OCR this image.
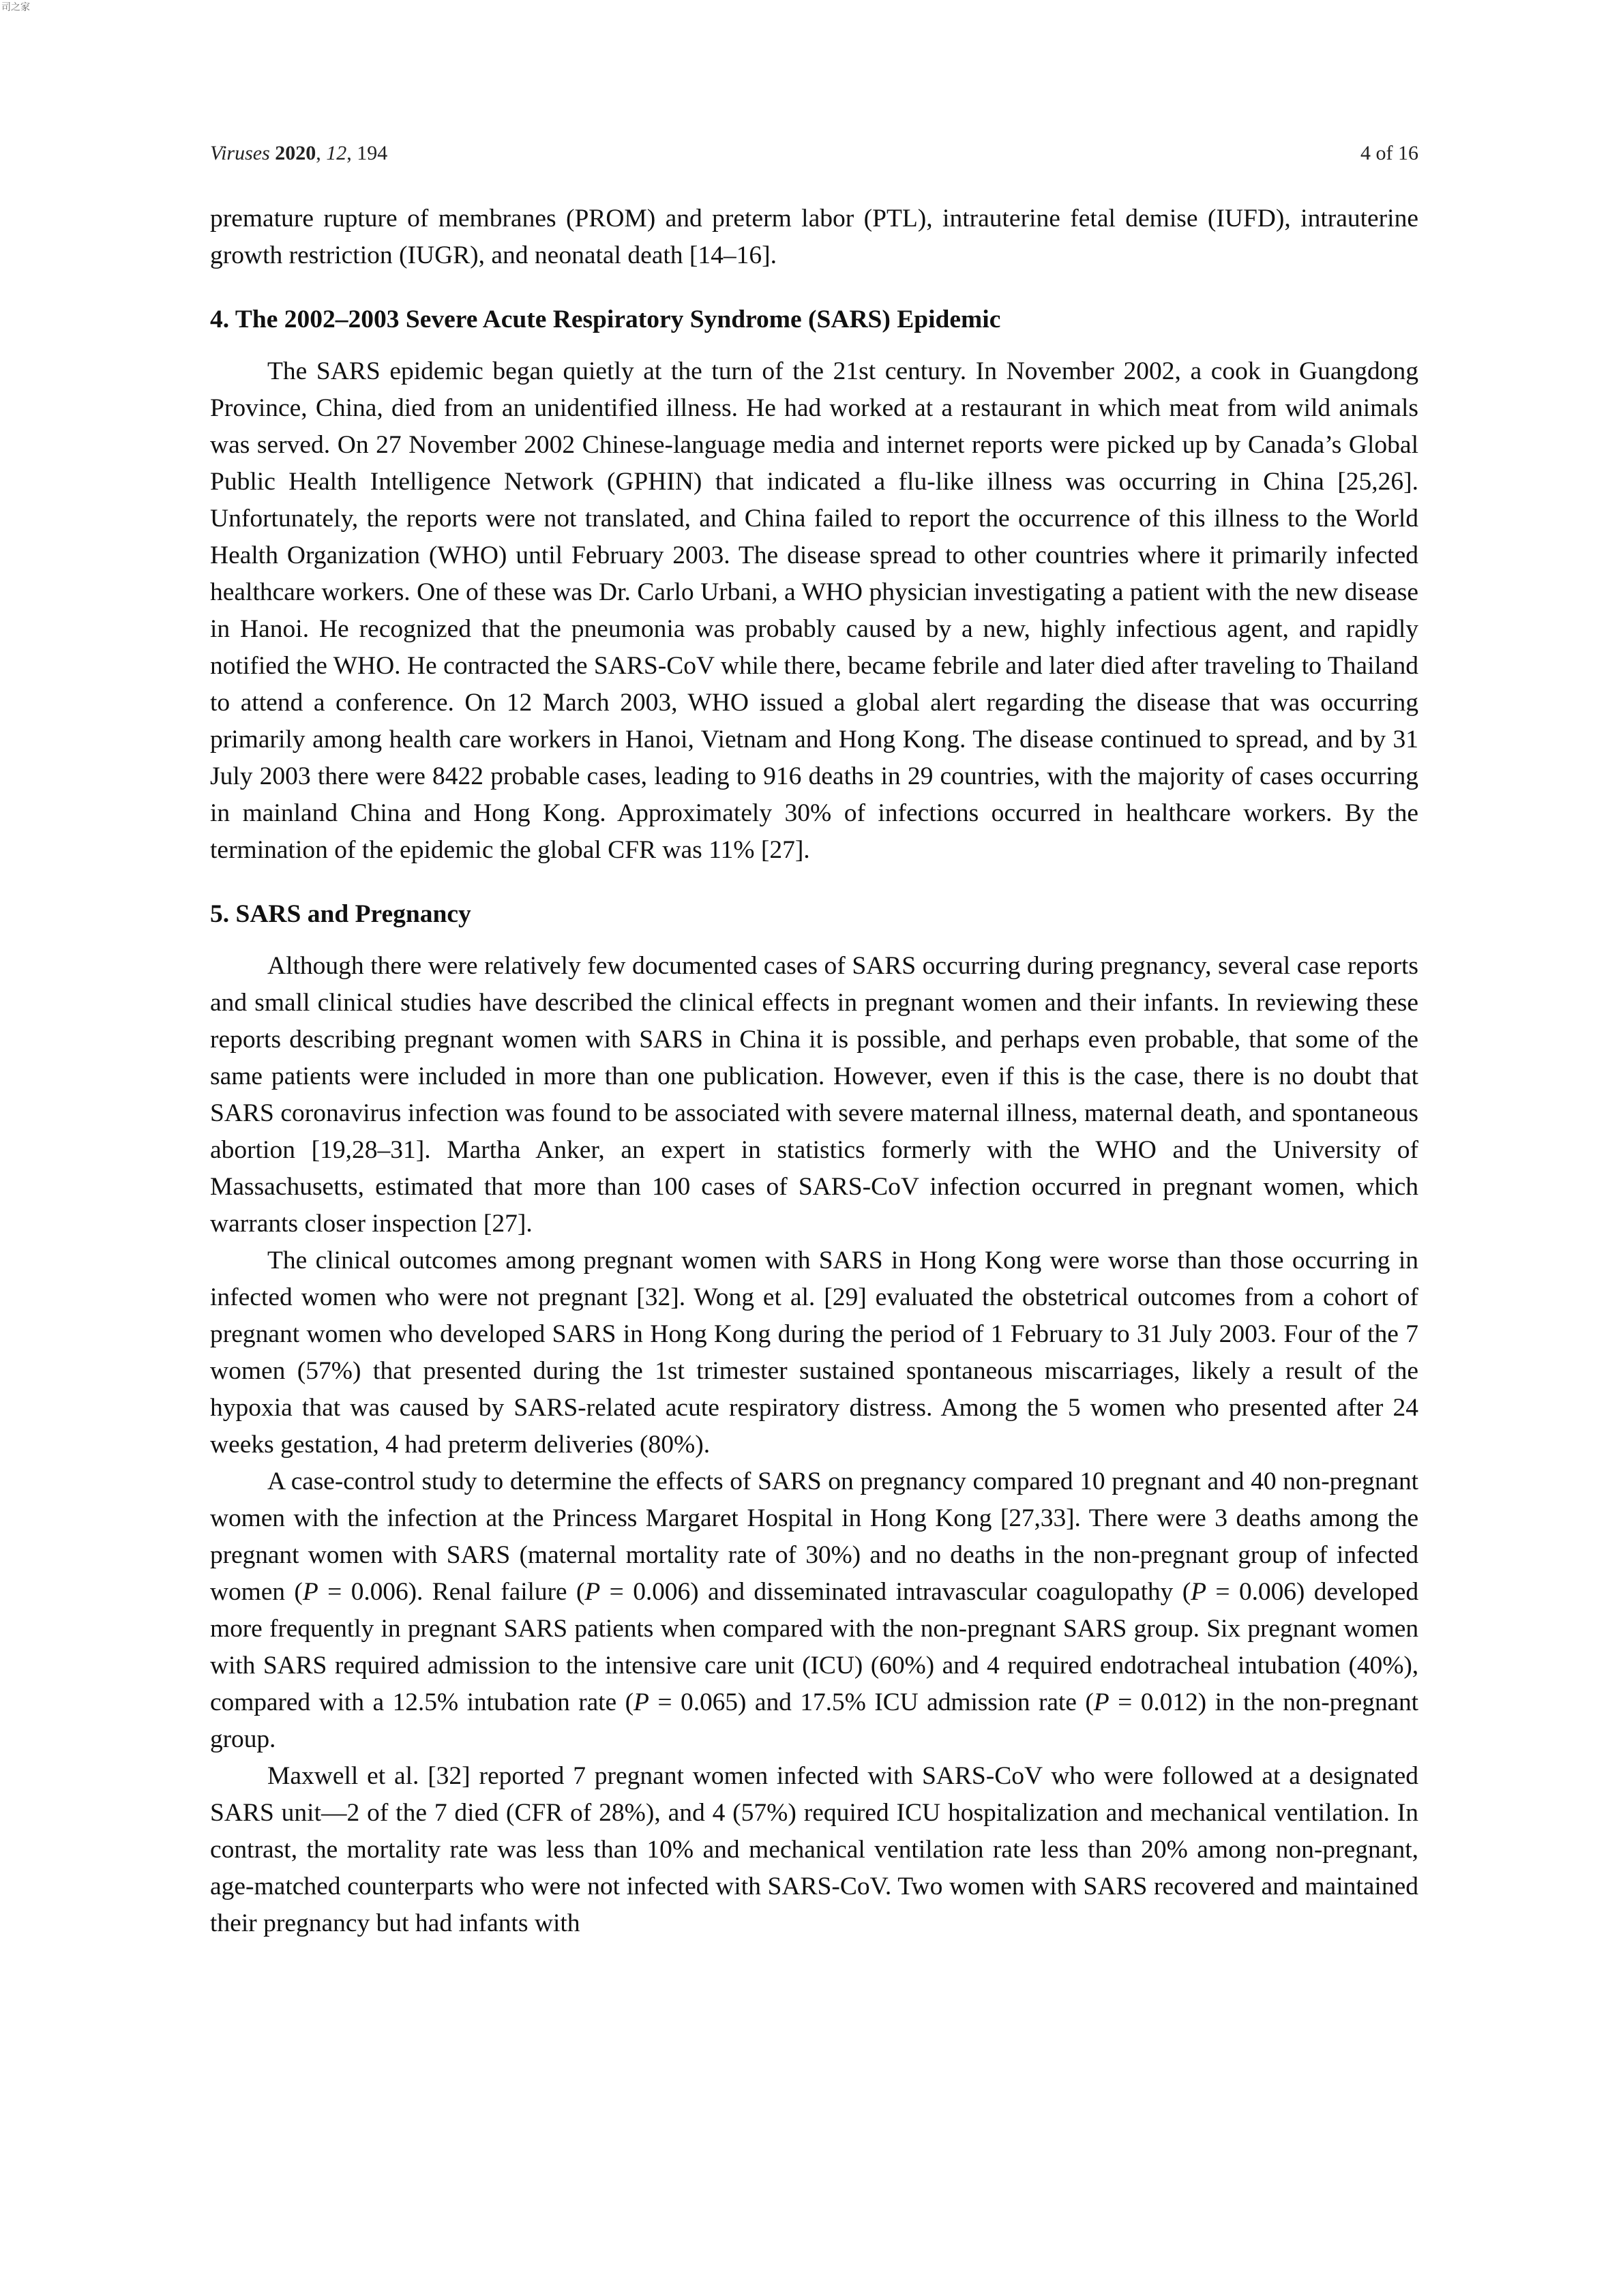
司之家
Viruses 2020, 12, 194	4 of 16

premature rupture of membranes (PROM) and preterm labor (PTL), intrauterine fetal demise (IUFD), intrauterine growth restriction (IUGR), and neonatal death [14–16].

4. The 2002–2003 Severe Acute Respiratory Syndrome (SARS) Epidemic

The SARS epidemic began quietly at the turn of the 21st century. In November 2002, a cook in Guangdong Province, China, died from an unidentified illness. He had worked at a restaurant in which meat from wild animals was served. On 27 November 2002 Chinese-language media and internet reports were picked up by Canada’s Global Public Health Intelligence Network (GPHIN) that indicated a flu-like illness was occurring in China [25,26]. Unfortunately, the reports were not translated, and China failed to report the occurrence of this illness to the World Health Organization (WHO) until February 2003. The disease spread to other countries where it primarily infected healthcare workers. One of these was Dr. Carlo Urbani, a WHO physician investigating a patient with the new disease in Hanoi. He recognized that the pneumonia was probably caused by a new, highly infectious agent, and rapidly notified the WHO. He contracted the SARS-CoV while there, became febrile and later died after traveling to Thailand to attend a conference. On 12 March 2003, WHO issued a global alert regarding the disease that was occurring primarily among health care workers in Hanoi, Vietnam and Hong Kong. The disease continued to spread, and by 31 July 2003 there were 8422 probable cases, leading to 916 deaths in 29 countries, with the majority of cases occurring in mainland China and Hong Kong. Approximately 30% of infections occurred in healthcare workers. By the termination of the epidemic the global CFR was 11% [27].

5. SARS and Pregnancy

Although there were relatively few documented cases of SARS occurring during pregnancy, several case reports and small clinical studies have described the clinical effects in pregnant women and their infants. In reviewing these reports describing pregnant women with SARS in China it is possible, and perhaps even probable, that some of the same patients were included in more than one publication. However, even if this is the case, there is no doubt that SARS coronavirus infection was found to be associated with severe maternal illness, maternal death, and spontaneous abortion [19,28–31]. Martha Anker, an expert in statistics formerly with the WHO and the University of Massachusetts, estimated that more than 100 cases of SARS-CoV infection occurred in pregnant women, which warrants closer inspection [27].

The clinical outcomes among pregnant women with SARS in Hong Kong were worse than those occurring in infected women who were not pregnant [32]. Wong et al. [29] evaluated the obstetrical outcomes from a cohort of pregnant women who developed SARS in Hong Kong during the period of 1 February to 31 July 2003. Four of the 7 women (57%) that presented during the 1st trimester sustained spontaneous miscarriages, likely a result of the hypoxia that was caused by SARS-related acute respiratory distress. Among the 5 women who presented after 24 weeks gestation, 4 had preterm deliveries (80%).

A case-control study to determine the effects of SARS on pregnancy compared 10 pregnant and 40 non-pregnant women with the infection at the Princess Margaret Hospital in Hong Kong [27,33]. There were 3 deaths among the pregnant women with SARS (maternal mortality rate of 30%) and no deaths in the non-pregnant group of infected women (P = 0.006). Renal failure (P = 0.006) and disseminated intravascular coagulopathy (P = 0.006) developed more frequently in pregnant SARS patients when compared with the non-pregnant SARS group. Six pregnant women with SARS required admission to the intensive care unit (ICU) (60%) and 4 required endotracheal intubation (40%), compared with a 12.5% intubation rate (P = 0.065) and 17.5% ICU admission rate (P = 0.012) in the non-pregnant group.

Maxwell et al. [32] reported 7 pregnant women infected with SARS-CoV who were followed at a designated SARS unit—2 of the 7 died (CFR of 28%), and 4 (57%) required ICU hospitalization and mechanical ventilation. In contrast, the mortality rate was less than 10% and mechanical ventilation rate less than 20% among non-pregnant, age-matched counterparts who were not infected with SARS-CoV. Two women with SARS recovered and maintained their pregnancy but had infants with
